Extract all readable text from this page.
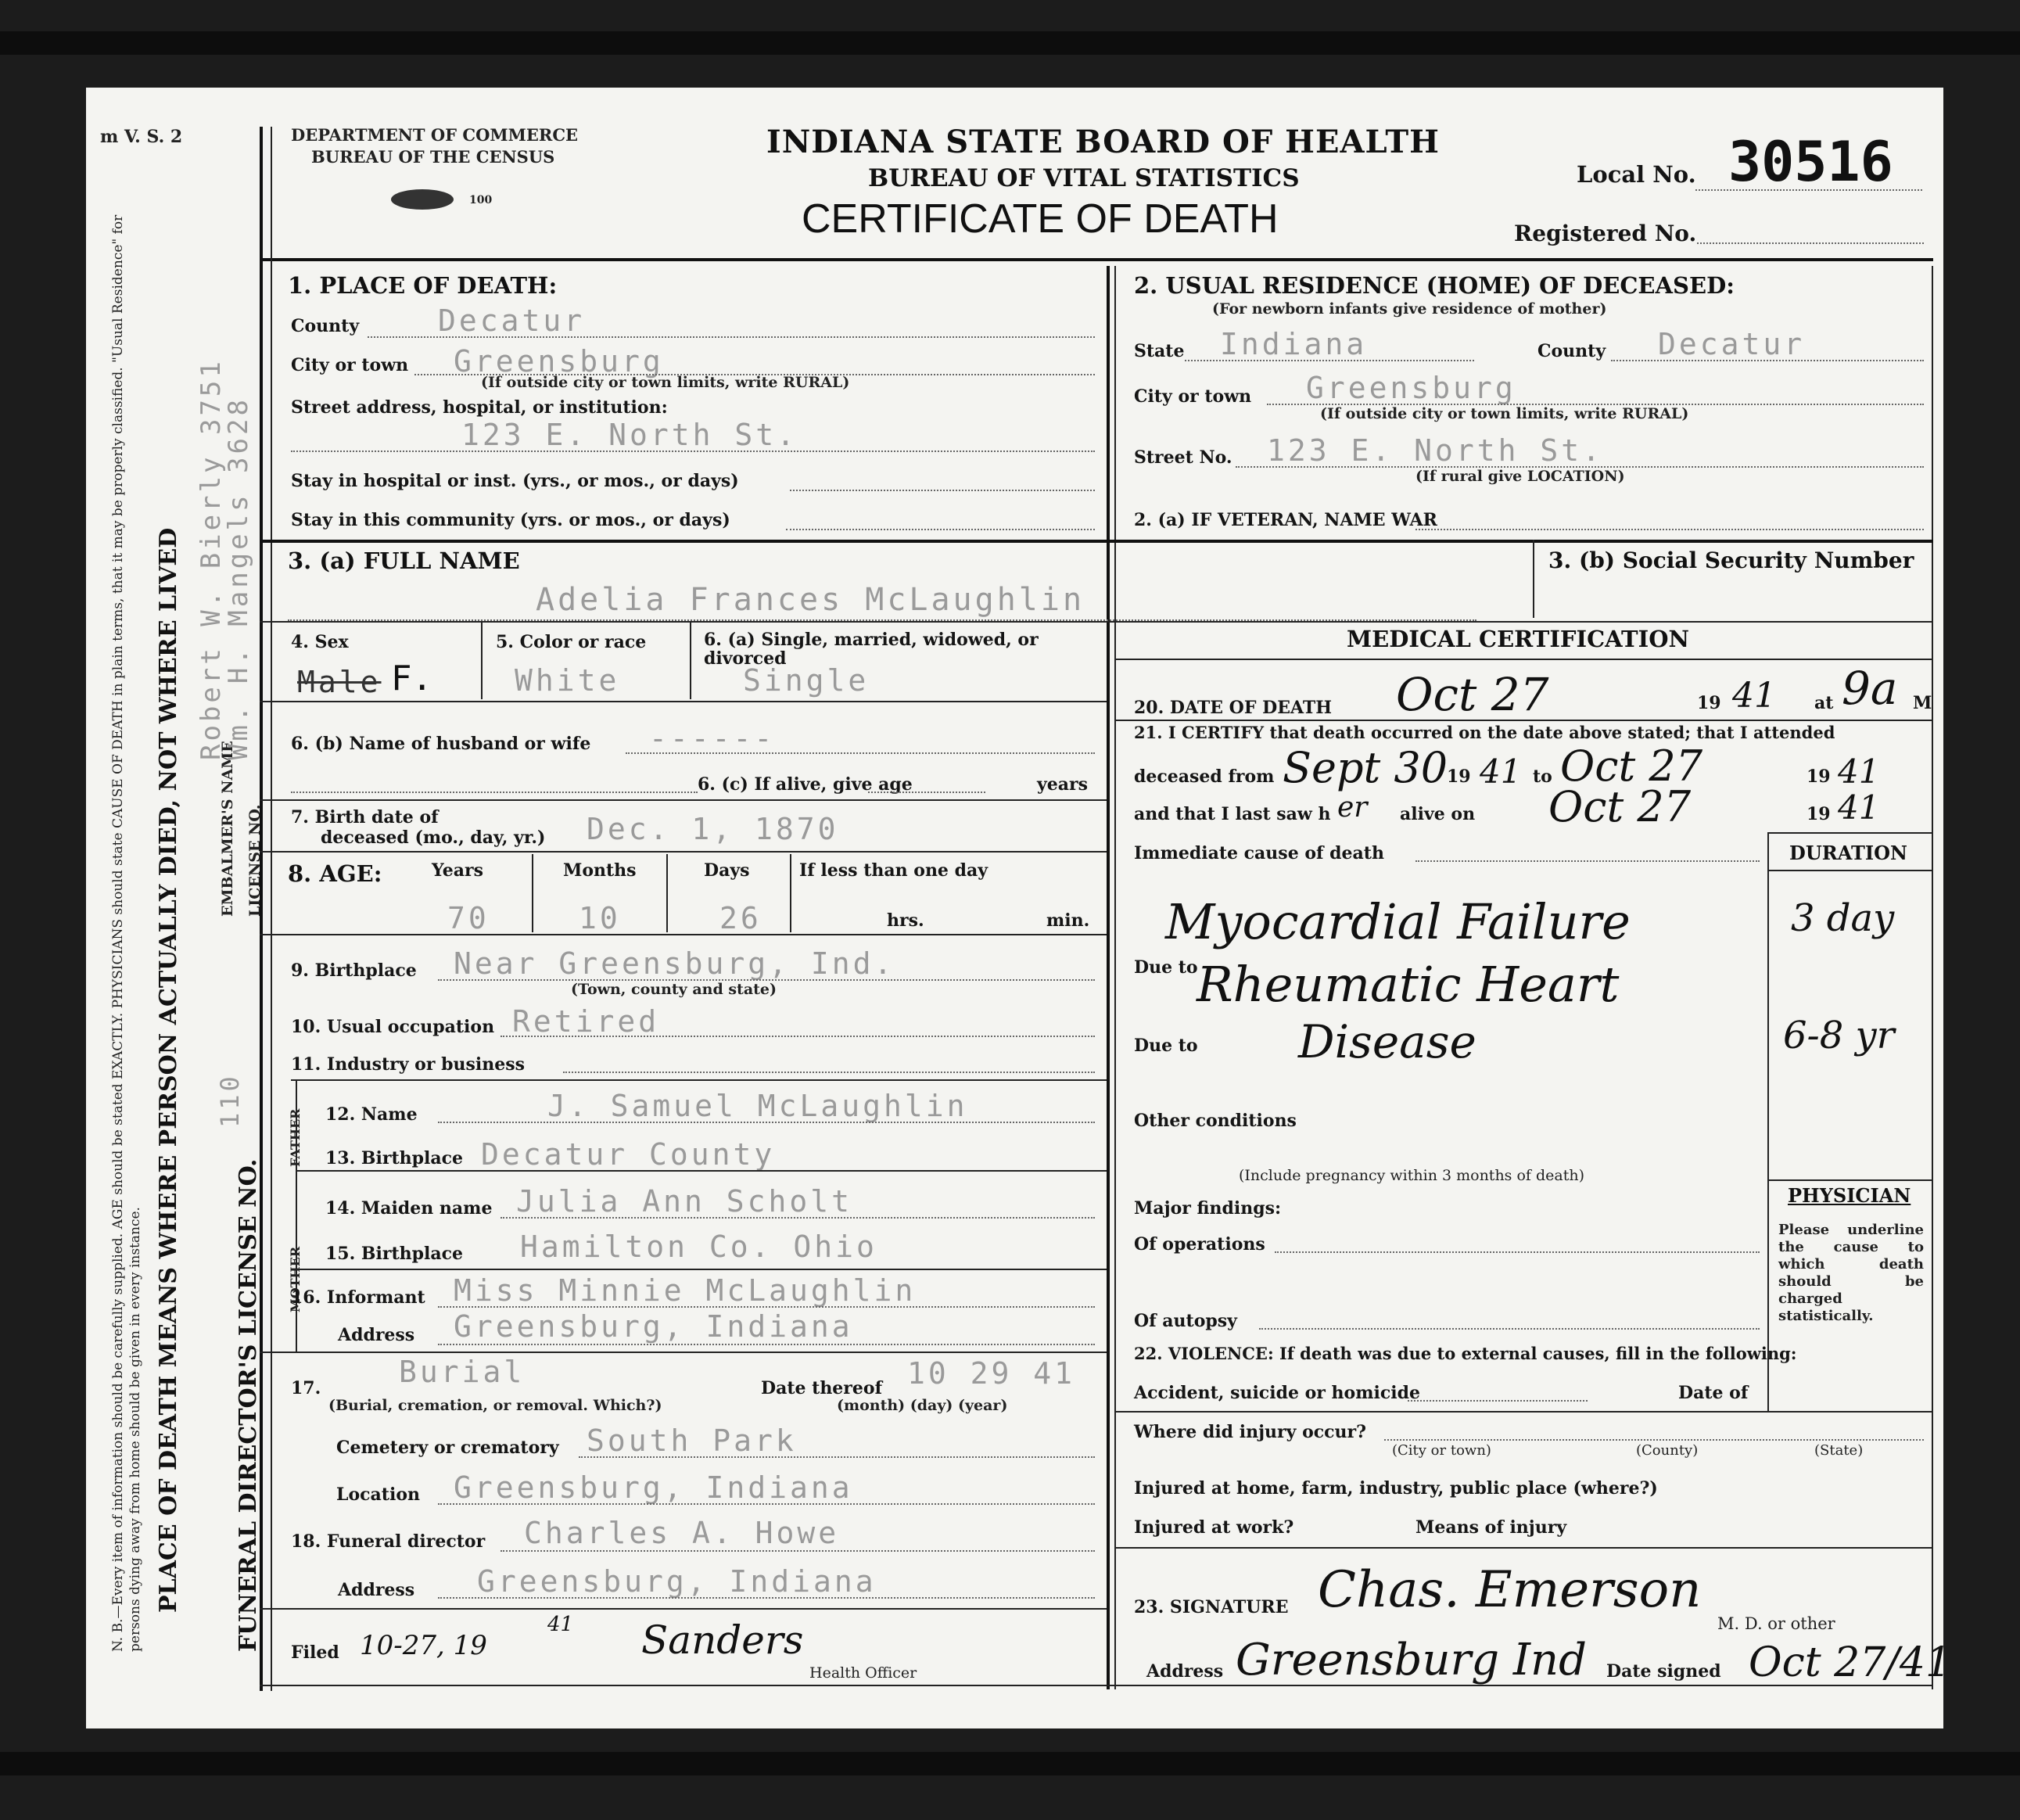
m V. S. 2	DEPARTMENT OF COMMERCE
BUREAU OF THE CENSUS
100
INDIANA STATE BOARD OF HEALTH
BUREAU OF VITAL STATISTICS
CERTIFICATE OF DEATH
Local No. 30516
Registered No.
N. B.—Every item of information should be carefully supplied. AGE should be stated EXACTLY. PHYSICIANS should state CAUSE OF DEATH in plain terms, that it may be properly classified. "Usual Residence" for persons dying away from home should be given in every instance. PLACE OF DEATH MEANS WHERE PERSON ACTUALLY DIED, NOT WHERE LIVED EMBALMER'S NAME
Robert W. Bierly 3751
LICENSE NO.
Wm. H. Mangels 3628
FUNERAL DIRECTOR'S LICENSE NO.
110
1. PLACE OF DEATH:
County	Decatur
City or town Greensburg
(If outside city or town limits, write RURAL)
Street address, hospital, or institution:
123 E. North St.
Stay in hospital or inst. (yrs., or mos., or days)
Stay in this community (yrs. or mos., or days)
2. USUAL RESIDENCE (HOME) OF DECEASED:
(For newborn infants give residence of mother)
State Indiana	County Decatur
City or town Greensburg
(If outside city or town limits, write RURAL)
Street No. 123 E. North St.
(If rural give LOCATION)
2. (a) IF VETERAN, NAME WAR
3. (a) FULL NAME
Adelia Frances McLaughlin
3. (b) Social Security Number
4. Sex
Male F.
5. Color or race
White
6. (a) Single, married, widowed, or divorced
Single
6. (b) Name of husband or wife ------
6. (c) If alive, give age	years
7. Birth date of
deceased (mo., day, yr.) Dec. 1, 1870
8. AGE:	Years	Months	Days	If less than one day
70	10	26	hrs.	min.
9. Birthplace Near Greensburg, Ind.
(Town, county and state)
10. Usual occupation Retired
11. Industry or business
FATHER
MOTHER
12. Name	J. Samuel McLaughlin
13. Birthplace Decatur County
14. Maiden name Julia Ann Scholt
15. Birthplace Hamilton Co. Ohio
16. Informant Miss Minnie McLaughlin
Address Greensburg, Indiana
17.	Burial
(Burial, cremation, or removal. Which?)
Date thereof 10 29 41
(month) (day) (year)
Cemetery or crematory South Park
Location Greensburg, Indiana
18. Funeral director Charles A. Howe
Address Greensburg, Indiana
Filed 10-27, 19
41 Sanders
Health Officer
MEDICAL CERTIFICATION
20. DATE OF DEATH Oct 27	19 41 at 9a M
21. I CERTIFY that death occurred on the date above stated; that I attended
deceased from Sept 30
19 41 to Oct 27	19 41
and that I last saw h er alive on Oct 27	19 41
Immediate cause of death	DURATION
Myocardial Failure	3 day
Due to
Rheumatic Heart
Due to Disease	6-8 yr
Other conditions
(Include pregnancy within 3 months of death)
PHYSICIAN
Please underline the cause to which death should be charged statistically.
Major findings:
Of operations
Of autopsy
22. VIOLENCE: If death was due to external causes, fill in the following:
Accident, suicide or homicide	Date of
Where did injury occur?
(City or town)	(County)	(State)
Injured at home, farm, industry, public place (where?)
Injured at work?	Means of injury
23. SIGNATURE Chas. Emerson
M. D. or other
Address Greensburg Ind Date signed Oct 27/41
